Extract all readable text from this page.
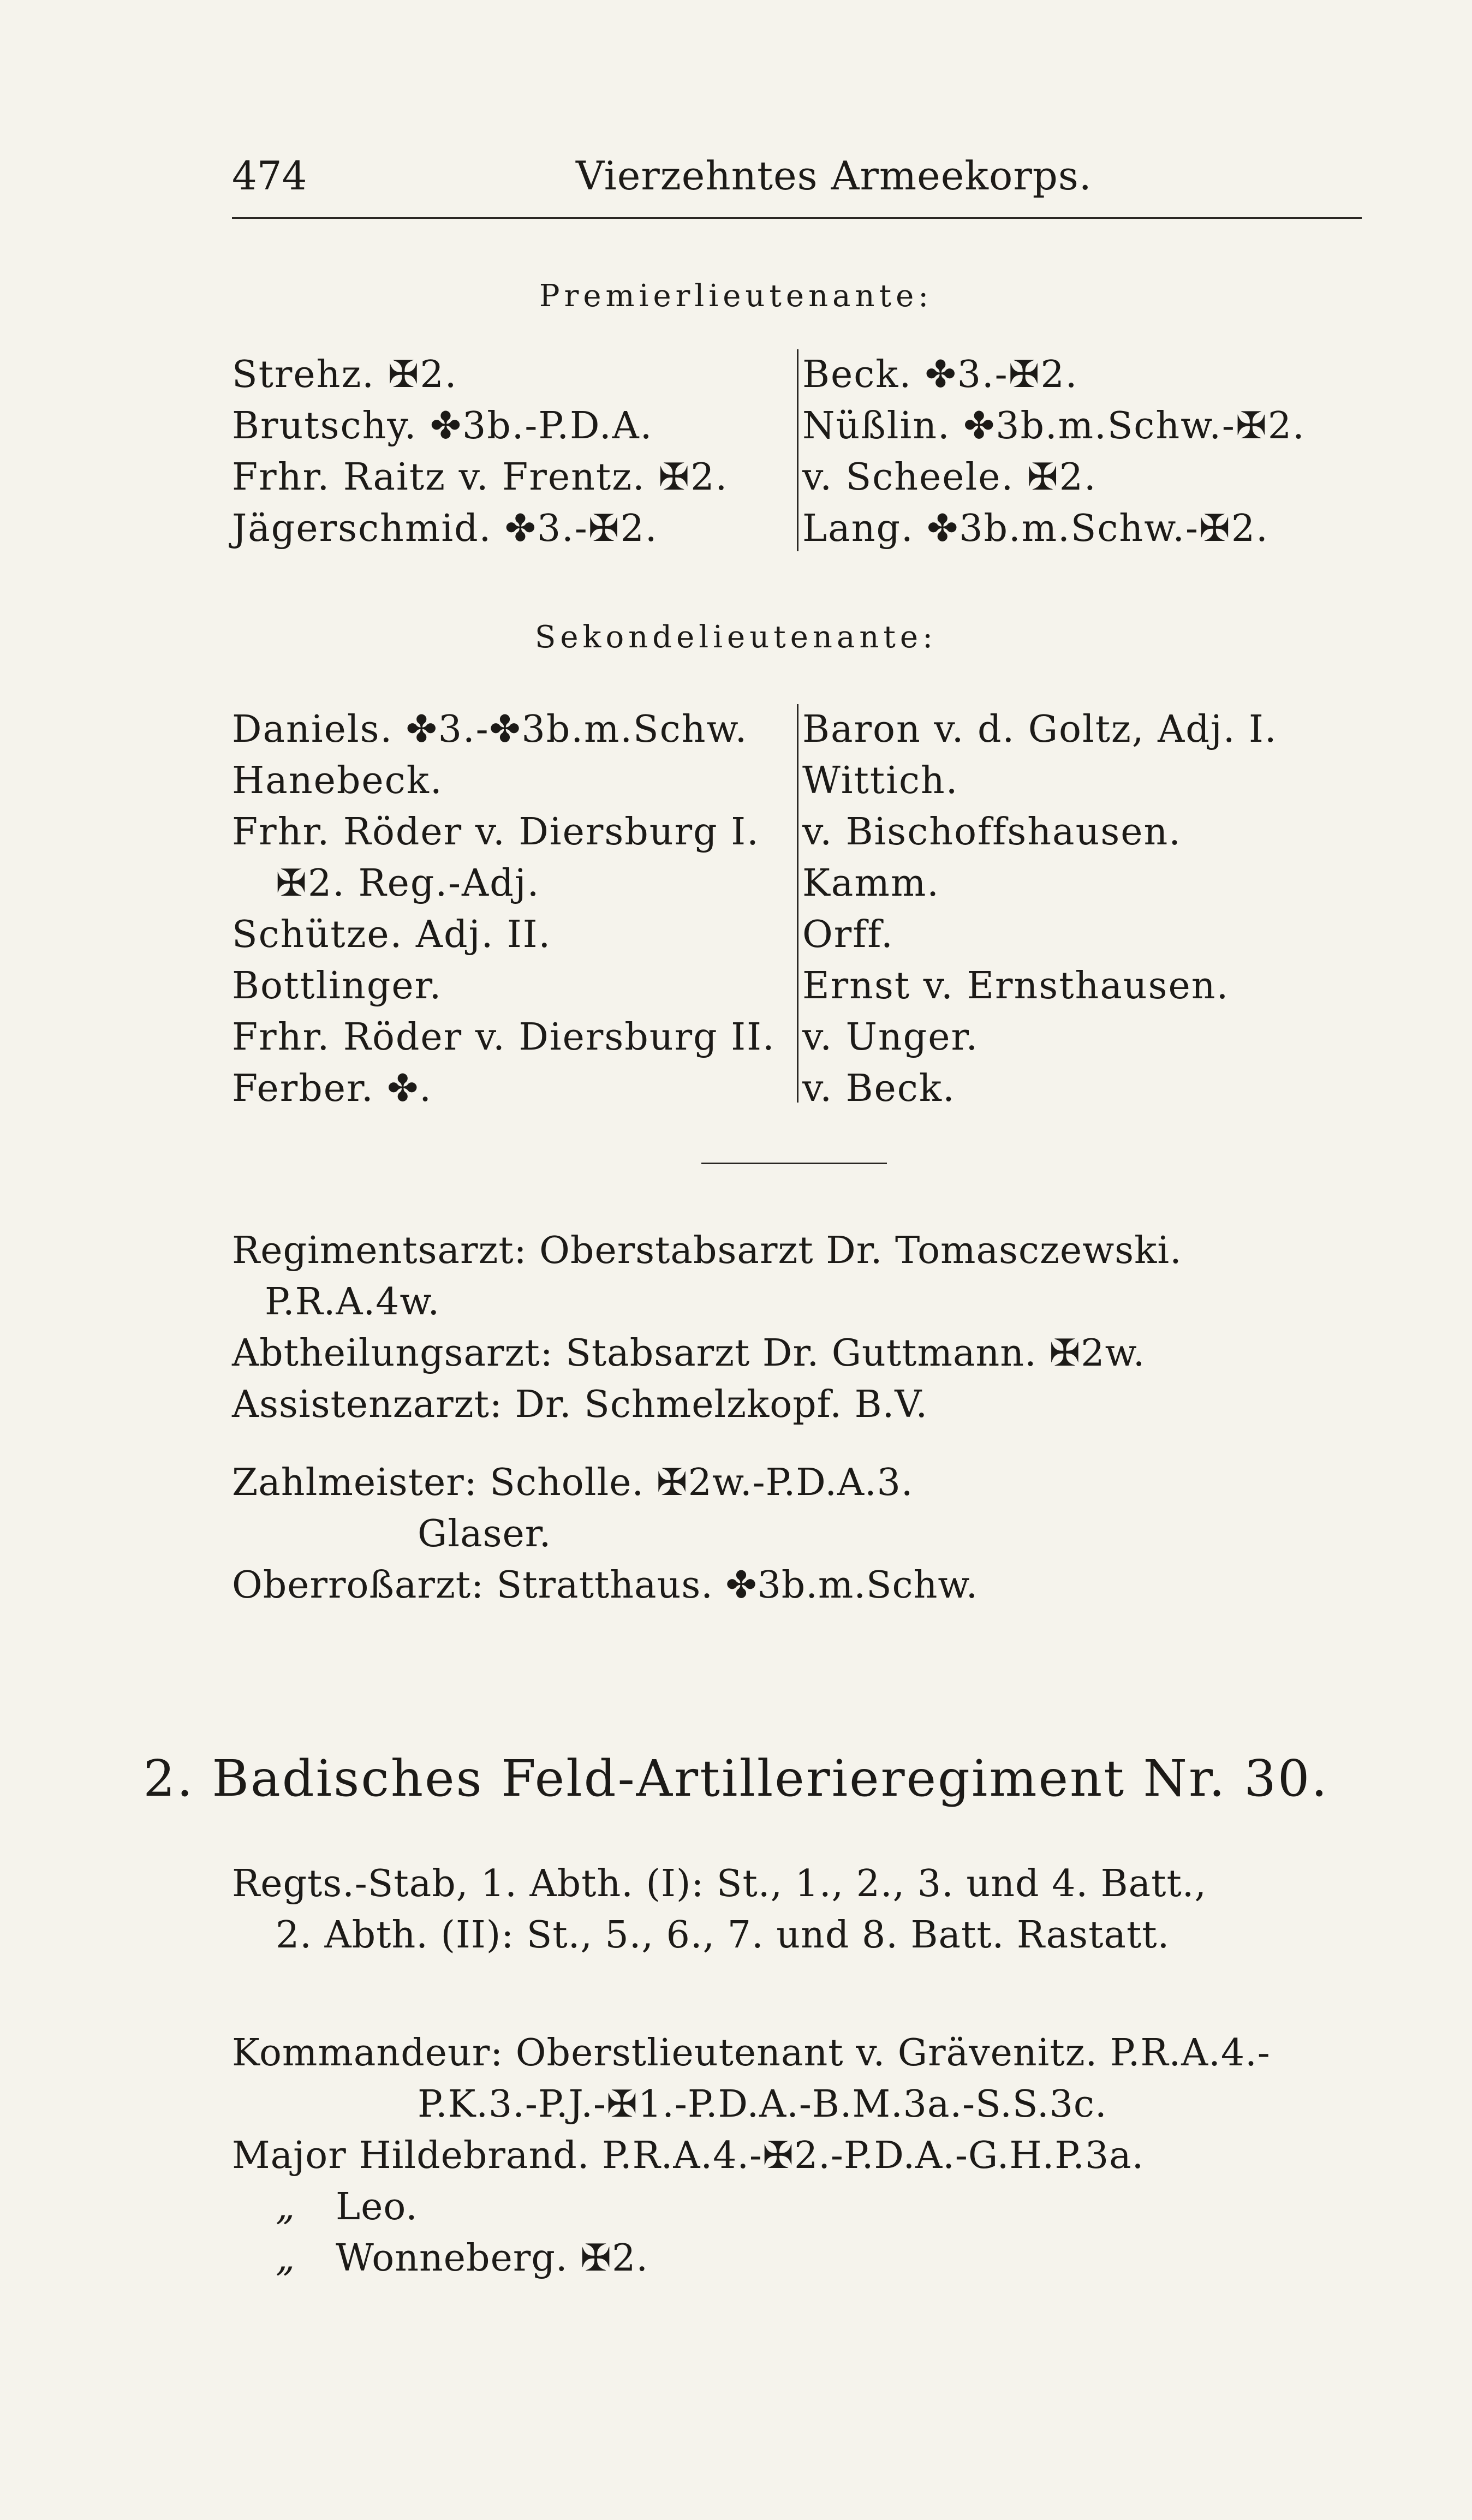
474	Vierzehntes Armeekorps.
Premierlieutenante:
Strehz. ✠2.
Brutschy. ✤3b.-P.D.A.
Frhr. Raitz v. Frentz. ✠2.
Jägerschmid. ✤3.-✠2.
Beck. ✤3.-✠2.
Nüßlin. ✤3b.m.Schw.-✠2.
v. Scheele. ✠2.
Lang. ✤3b.m.Schw.-✠2.
Sekondelieutenante:
Daniels. ✤3.-✤3b.m.Schw.
Hanebeck.
Frhr. Röder v. Diersburg I.
✠2. Reg.-Adj.
Schütze. Adj. II.
Bottlinger.
Frhr. Röder v. Diersburg II.
Ferber. ✤.
Baron v. d. Goltz, Adj. I.
Wittich.
v. Bischoffshausen.
Kamm.
Orff.
Ernst v. Ernsthausen.
v. Unger.
v. Beck.
Regimentsarzt: Oberstabsarzt Dr. Tomasczewski.
P.R.A.4w.
Abtheilungsarzt: Stabsarzt Dr. Guttmann. ✠2w.
Assistenzarzt: Dr. Schmelzkopf. B.V.
Zahlmeister: Scholle. ✠2w.-P.D.A.3.
Glaser.
Oberroßarzt: Stratthaus. ✤3b.m.Schw.
2. Badisches Feld-Artillerieregiment Nr. 30.
Regts.-Stab, 1. Abth. (I): St., 1., 2., 3. und 4. Batt.,
2. Abth. (II): St., 5., 6., 7. und 8. Batt. Rastatt.
Kommandeur: Oberstlieutenant v. Grävenitz. P.R.A.4.-
P.K.3.-P.J.-✠1.-P.D.A.-B.M.3a.-S.S.3c.
Major Hildebrand. P.R.A.4.-✠2.-P.D.A.-G.H.P.3a.
„ Leo.
„ Wonneberg. ✠2.
